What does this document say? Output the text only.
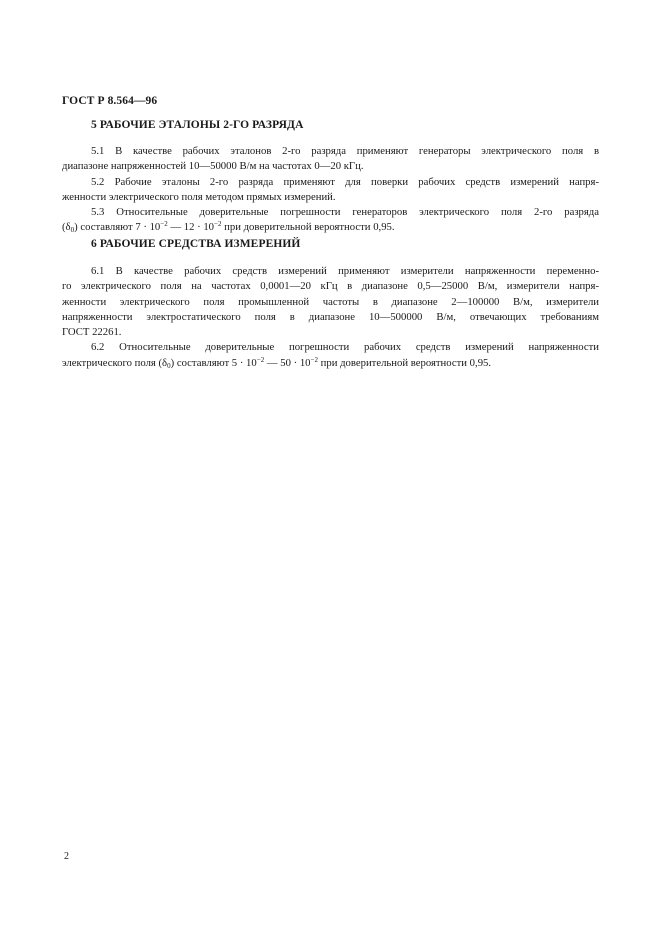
ГОСТ Р 8.564—96
5 РАБОЧИЕ ЭТАЛОНЫ 2-ГО РАЗРЯДА
5.1 В качестве рабочих эталонов 2-го разряда применяют генераторы электрического поля в
диапазоне напряженностей 10—50000 В/м на частотах 0—20 кГц.
5.2 Рабочие эталоны 2-го разряда применяют для поверки рабочих средств измерений напря-
женности электрического поля методом прямых измерений.
5.3 Относительные доверительные погрешности генераторов электрического поля 2-го разряда
$(\delta_0)$ составляют $7 \cdot 10^{-2}$ — $12 \cdot 10^{-2}$ при доверительной вероятности 0,95.
6 РАБОЧИЕ СРЕДСТВА ИЗМЕРЕНИЙ
6.1 В качестве рабочих средств измерений применяют измерители напряженности переменно-
го электрического поля на частотах 0,0001—20 кГц в диапазоне 0,5—25000 В/м, измерители напря-
женности электрического поля промышленной частоты в диапазоне 2—100000 В/м, измерители
напряженности электростатического поля в диапазоне 10—500000 В/м, отвечающих требованиям
ГОСТ 22261.
6.2 Относительные доверительные погрешности рабочих средств измерений напряженности
электрического поля $(\delta_0)$ составляют $5 \cdot 10^{-2}$ — $50 \cdot 10^{-2}$ при доверительной вероятности 0,95.
2
